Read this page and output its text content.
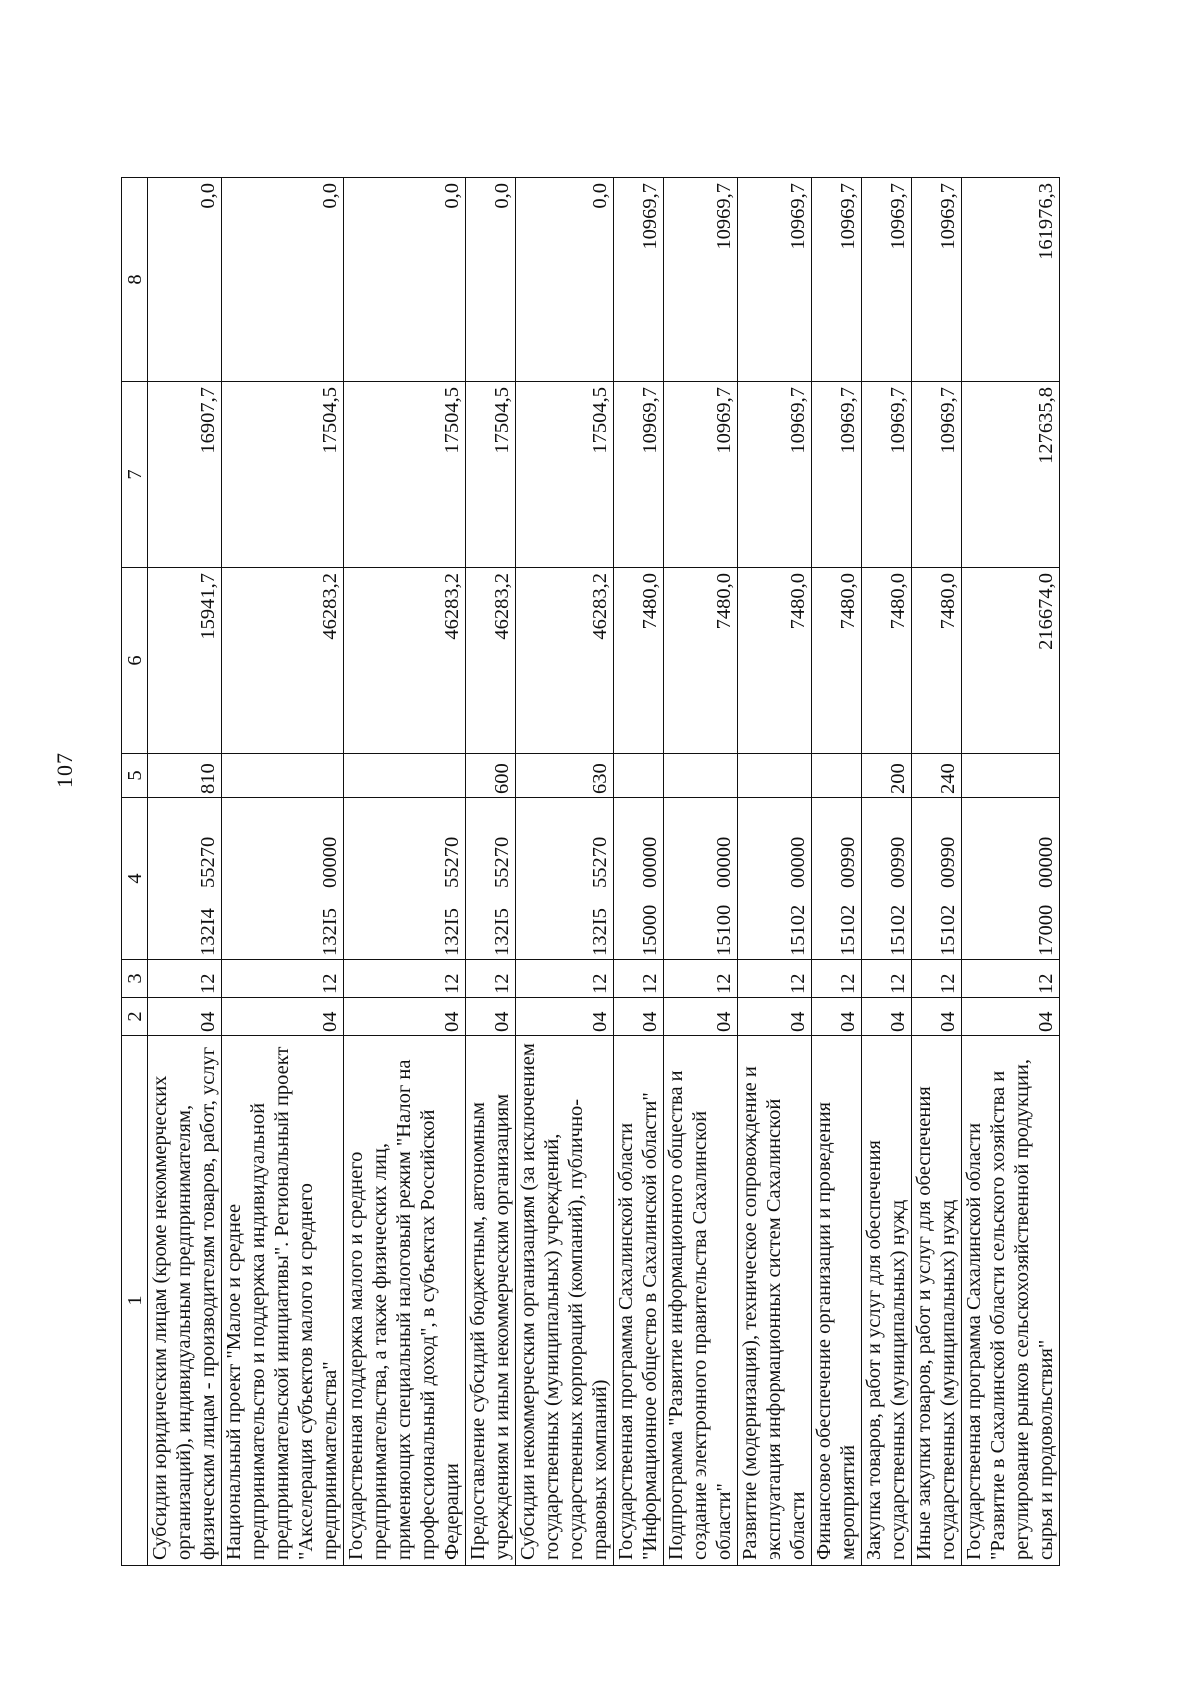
107
1	2	3	4	5	6	7	8
Субсидии юридическим лицам (кроме некоммерческих организаций), индивидуальным предпринимателям, физическим лицам - производителям товаров, работ, услуг	04	12	132I455270	810	15941,7	16907,7	0,0
Национальный проект "Малое и среднее предпринимательство и поддержка индивидуальной предпринимательской инициативы". Региональный проект "Акселерация субъектов малого и среднего предпринимательства"	04	12	132I500000		46283,2	17504,5	0,0
Государственная поддержка малого и среднего предпринимательства, а также физических лиц, применяющих специальный налоговый режим "Налог на профессиональный доход", в субъектах Российской Федерации	04	12	132I555270		46283,2	17504,5	0,0
Предоставление субсидий бюджетным, автономным учреждениям и иным некоммерческим организациям	04	12	132I555270	600	46283,2	17504,5	0,0
Субсидии некоммерческим организациям (за исключением государственных (муниципальных) учреждений, государственных корпораций (компаний), публично-правовых компаний)	04	12	132I555270	630	46283,2	17504,5	0,0
Государственная программа Сахалинской области "Информационное общество в Сахалинской области"	04	12	1500000000		7480,0	10969,7	10969,7
Подпрограмма "Развитие информационного общества и создание электронного правительства Сахалинской области"	04	12	1510000000		7480,0	10969,7	10969,7
Развитие (модернизация), техническое сопровождение и эксплуатация информационных систем Сахалинской области	04	12	1510200000		7480,0	10969,7	10969,7
Финансовое обеспечение организации и проведения мероприятий	04	12	1510200990		7480,0	10969,7	10969,7
Закупка товаров, работ и услуг для обеспечения государственных (муниципальных) нужд	04	12	1510200990	200	7480,0	10969,7	10969,7
Иные закупки товаров, работ и услуг для обеспечения государственных (муниципальных) нужд	04	12	1510200990	240	7480,0	10969,7	10969,7
Государственная программа Сахалинской области "Развитие в Сахалинской области сельского хозяйства и регулирование рынков сельскохозяйственной продукции, сырья и продовольствия"	04	12	1700000000		216674,0	127635,8	161976,3
